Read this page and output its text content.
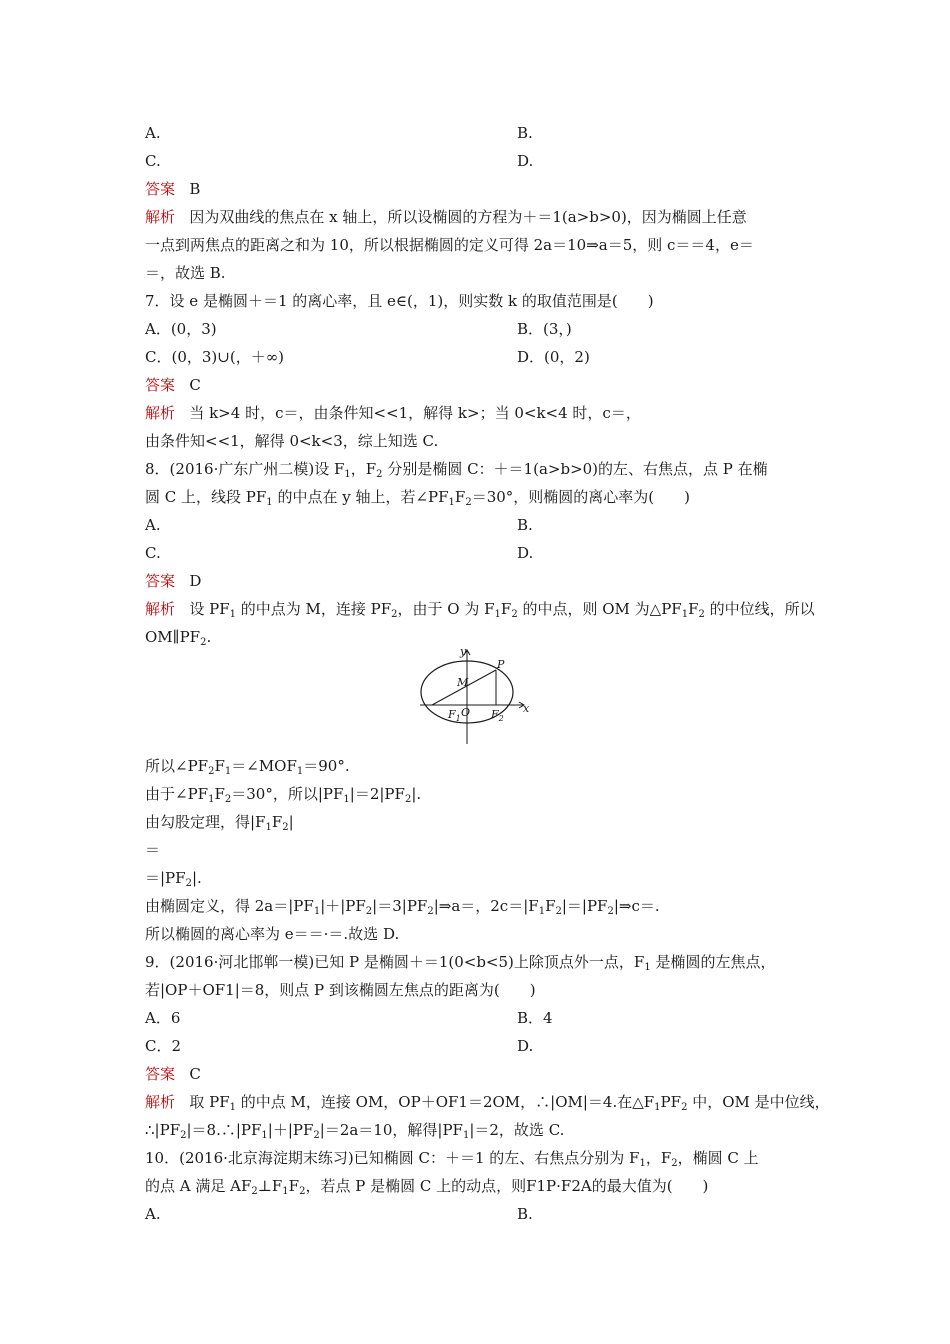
A.	B.
C.	D.
答案 B
解析 因为双曲线的焦点在 x 轴上，所以设椭圆的方程为＋＝1(a>b>0)，因为椭圆上任意
一点到两焦点的距离之和为 10，所以根据椭圆的定义可得 2a＝10⇒a＝5，则 c＝＝4，e＝
＝，故选 B.
7．设 e 是椭圆＋＝1 的离心率，且 e∈(，1)，则实数 k 的取值范围是(　　)
A．(0，3)	B．(3，)
C．(0，3)∪(，＋∞)	D．(0，2)
答案 C
解析 当 k>4 时，c＝，由条件知<<1，解得 k>；当 0<k<4 时，c＝，
由条件知<<1，解得 0<k<3，综上知选 C.
8．(2016·广东广州二模)设 $F_1$，$F_2$ 分别是椭圆 C：＋＝1(a>b>0)的左、右焦点，点 P 在椭
圆 C 上，线段 $PF_1$ 的中点在 y 轴上，若$\angle PF_1F_2=30^\circ$，则椭圆的离心率为(　　)
A.	B.
C.	D.
答案 D
解析 设 $PF_1$ 的中点为 M，连接 $PF_2$，由于 O 为 $F_1F_2$ 的中点，则 OM 为$\triangle PF_1F_2$ 的中位线，所以
$OM\parallel PF_2$.
y
P
M
$F_1$ O $F_2$
x
所以$\angle PF_2F_1=\angle MOF_1=90^\circ$.
由于$\angle PF_1F_2=30^\circ$，所以$|PF_1|=2|PF_2|$.
由勾股定理，得$|F_1F_2|$
＝
$=|PF_2|$.
由椭圆定义，得 $2a=|PF_1|+|PF_2|=3|PF_2|\Rightarrow a=$，$2c=|F_1F_2|=|PF_2|\Rightarrow c=$.
所以椭圆的离心率为 e＝＝·＝.故选 D.
9．(2016·河北邯郸一模)已知 P 是椭圆＋＝1(0<b<5)上除顶点外一点，$F_1$ 是椭圆的左焦点，
若|OP＋OF1|＝8，则点 P 到该椭圆左焦点的距离为(　　)
A．6	B．4
C．2	D.
答案 C
解析 取 $PF_1$ 的中点 M，连接 OM，OP＋OF1＝2OM，∴|OM|＝4.在$\triangle F_1PF_2$ 中，OM 是中位线，
$\therefore|PF_2|=8.\therefore|PF_1|+|PF_2|=2a=10$，解得$|PF_1|=2$，故选 C.
10．(2016·北京海淀期末练习)已知椭圆 C：＋＝1 的左、右焦点分别为 $F_1$，$F_2$，椭圆 C 上
的点 A 满足 $AF_2\perp F_1F_2$，若点 P 是椭圆 C 上的动点，则F1P·F2A的最大值为(　　)
A.	B.
